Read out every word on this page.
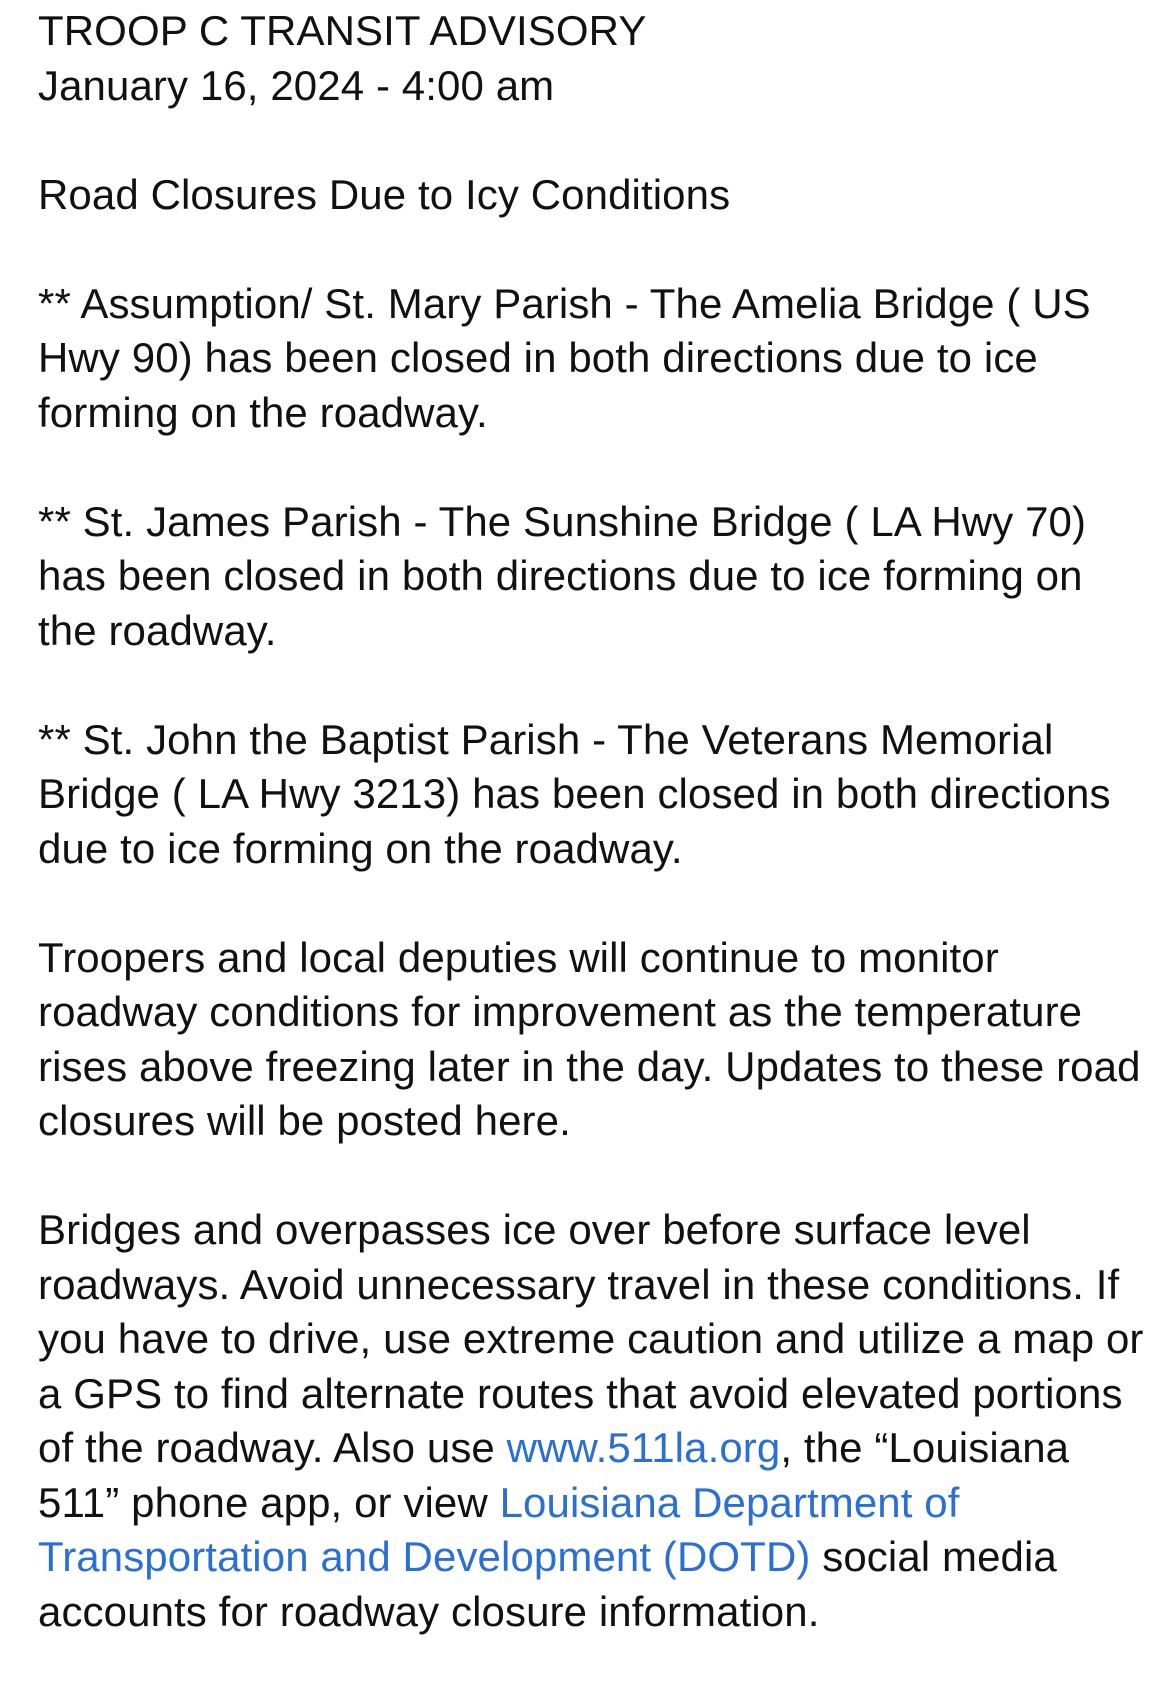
TROOP C TRANSIT ADVISORY

January 16, 2024 - 4:00 am

Road Closures Due to Icy Conditions

** Assumption/ St. Mary Parish - The Amelia Bridge ( US Hwy 90) has been closed in both directions due to ice forming on the roadway.

** St. James Parish - The Sunshine Bridge ( LA Hwy 70) has been closed in both directions due to ice forming on the roadway.

** St. John the Baptist Parish - The Veterans Memorial Bridge ( LA Hwy 3213) has been closed in both directions due to ice forming on the roadway.

Troopers and local deputies will continue to monitor roadway conditions for improvement as the temperature rises above freezing later in the day. Updates to these road closures will be posted here.

Bridges and overpasses ice over before surface level roadways. Avoid unnecessary travel in these conditions. If you have to drive, use extreme caution and utilize a map or a GPS to find alternate routes that avoid elevated portions of the roadway. Also use www.511la.org, the “Louisiana 511” phone app, or view Louisiana Department of Transportation and Development (DOTD) social media accounts for roadway closure information.
